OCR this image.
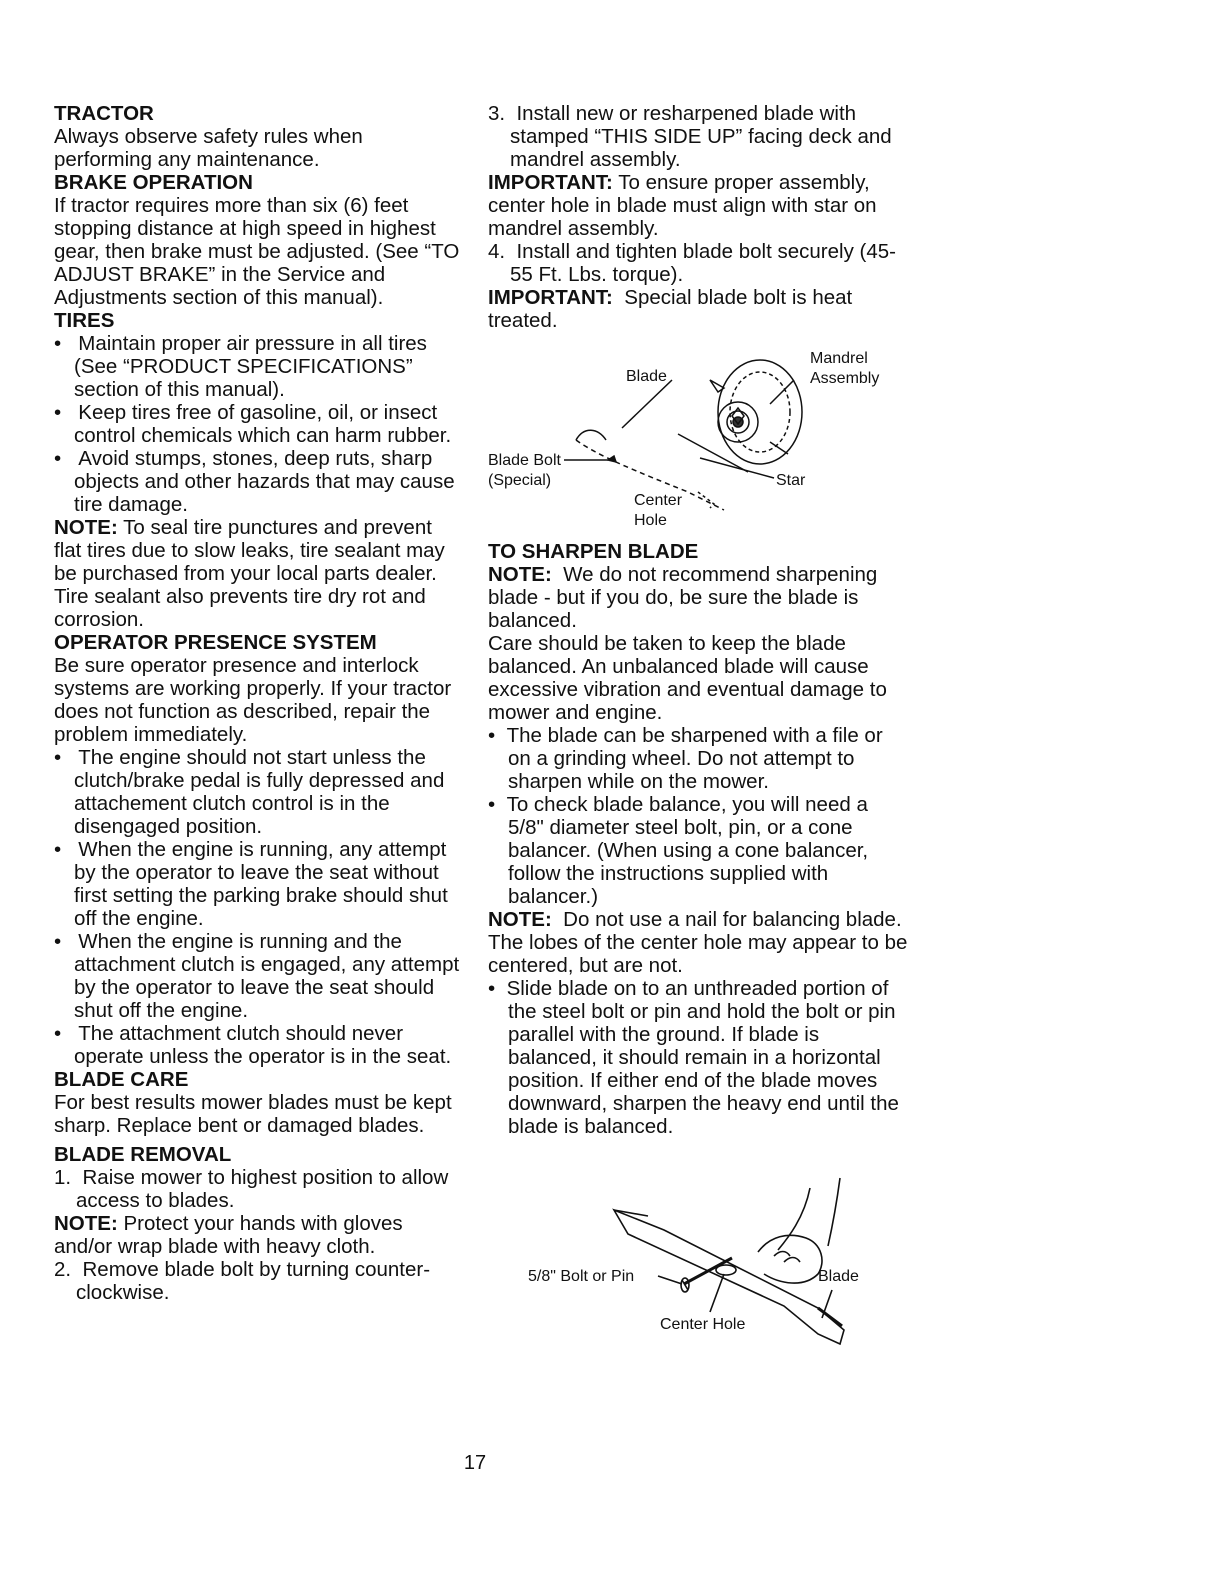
TRACTOR

Always observe safety rules when performing any maintenance.

BRAKE OPERATION

If tractor requires more than six (6) feet stopping distance at high speed in highest gear, then brake must be adjusted. (See “TO ADJUST BRAKE” in the Service and Adjustments section of this manual).

TIRES

•   Maintain proper air pressure in all tires (See “PRODUCT SPECIFICATIONS” section of this manual).

•   Keep tires free of gasoline, oil, or insect control chemicals which can harm rubber.

•   Avoid stumps, stones, deep ruts, sharp objects and other hazards that may cause tire damage.

NOTE: To seal tire punctures and prevent flat tires due to slow leaks, tire sealant may be purchased from your local parts dealer. Tire sealant also prevents tire dry rot and corrosion.

OPERATOR PRESENCE SYSTEM

Be sure operator presence and interlock systems are working properly. If your tractor does not function as described, repair the problem immediately.

•   The engine should not start unless the clutch/brake pedal is fully depressed and attachement clutch control is in the disengaged position.

•   When the engine is running, any attempt by the operator to leave the seat without first setting the parking brake should shut off the engine.

•   When the engine is running and the attachment clutch is engaged, any attempt by the operator to leave the seat should shut off the engine.

•   The attachment clutch should never operate unless the operator is in the seat.

BLADE CARE

For best results mower blades must be kept sharp. Replace bent or damaged blades.

BLADE REMOVAL

1.  Raise mower to highest position to allow access to blades.

NOTE: Protect your hands with gloves and/or wrap blade with heavy cloth.

2.  Remove blade bolt by turning counter-clockwise.

3.  Install new or resharpened blade with stamped “THIS SIDE UP” facing deck and mandrel assembly.

IMPORTANT: To ensure proper assembly, center hole in blade must align with star on mandrel assembly.

4.  Install and tighten blade bolt securely (45-55 Ft. Lbs. torque).

IMPORTANT:  Special blade bolt is heat treated.

Blade
Mandrel
Assembly
Blade Bolt
(Special)	Star
Center
Hole

TO SHARPEN BLADE

NOTE:  We do not recommend sharpening blade - but if you do, be sure the blade is balanced.

Care should be taken to keep the blade balanced. An unbalanced blade will cause excessive vibration and eventual damage to mower and engine.

•  The blade can be sharpened with a file or on a grinding wheel. Do not attempt to sharpen while on the mower.

•  To check blade balance, you will need a 5/8" diameter steel bolt, pin, or a cone balancer. (When using a cone balancer, follow the instructions supplied with balancer.)

NOTE:  Do not use a nail for balancing blade. The lobes of the center hole may appear to be centered, but are not.

•  Slide blade on to an unthreaded portion of the steel bolt or pin and hold the bolt or pin parallel with the ground. If blade is balanced, it should remain in a horizontal position. If either end of the blade moves downward, sharpen the heavy end until the blade is balanced.

5/8" Bolt or Pin	Blade
Center Hole
17
